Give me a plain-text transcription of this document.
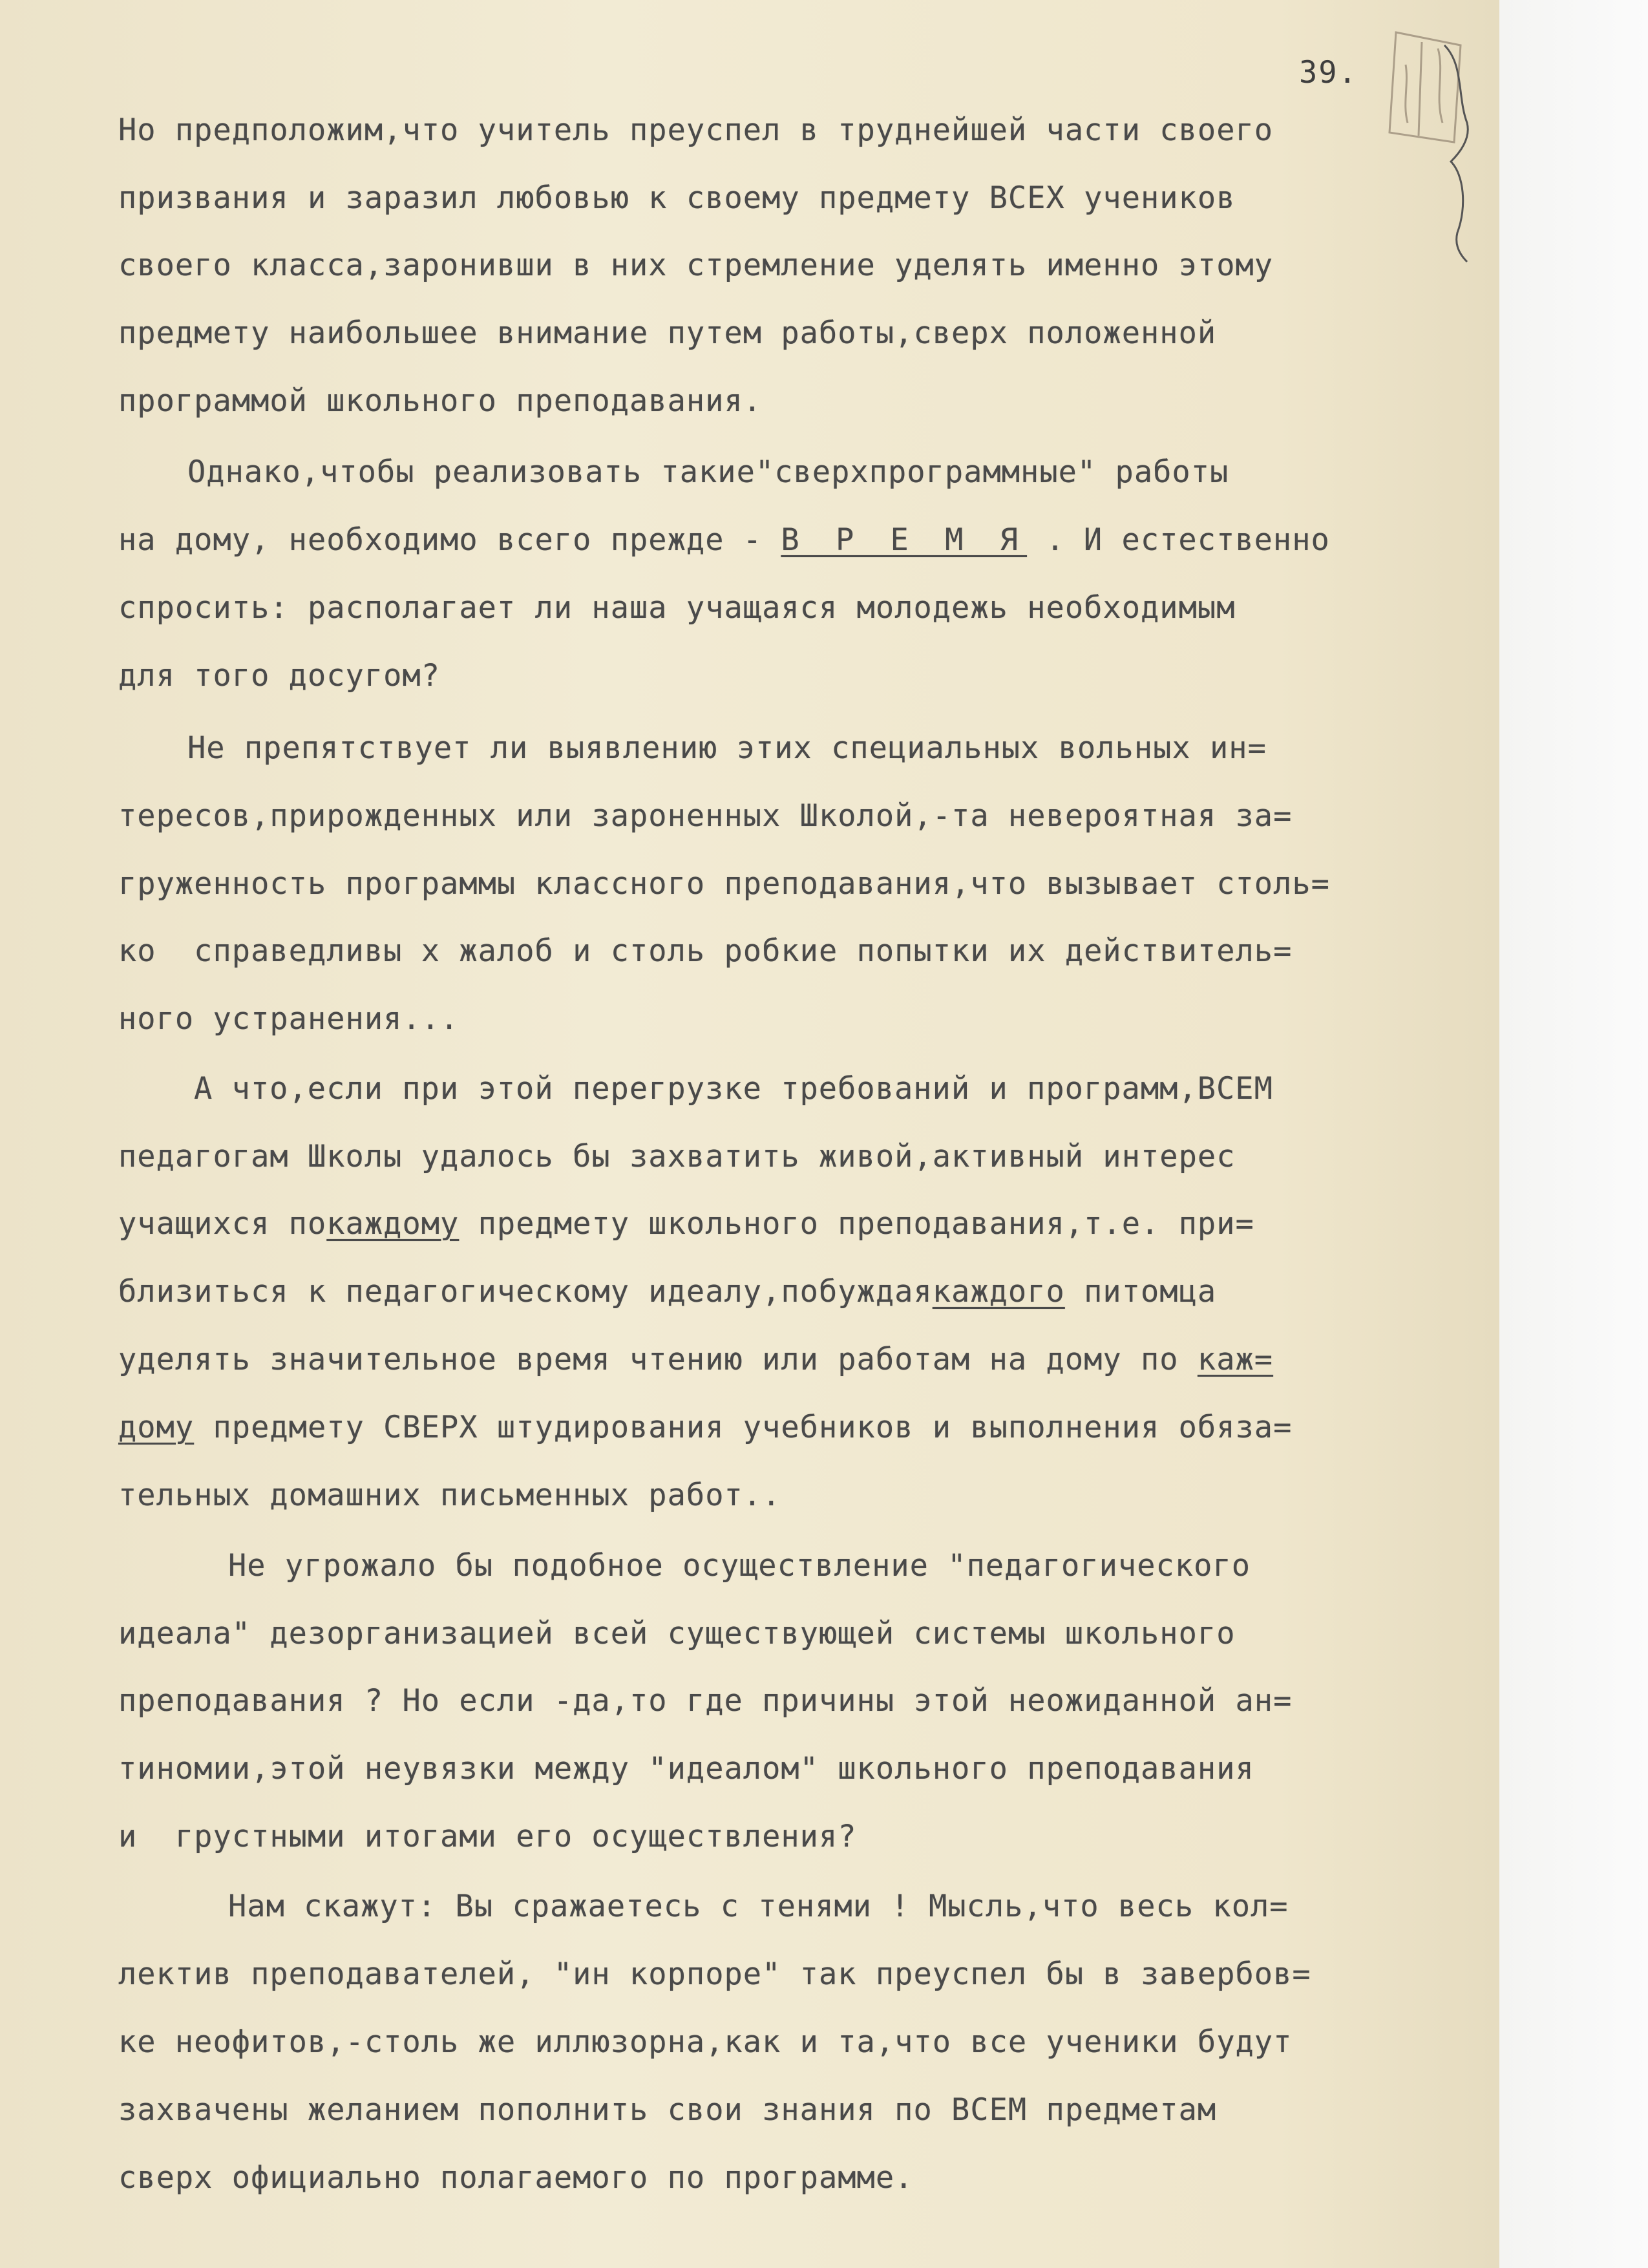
39.
Но предположим,что учитель преуспел в труднейшей части своего
призвания и заразил любовью к своему предмету ВСЕХ учеников
своего класса,заронивши в них стремление уделять именно этому
предмету наибольшее внимание путем работы,сверх положенной
программой школьного преподавания.
Однако,чтобы реализовать такие"сверхпрограммные" работы
на дому, необходимо всего прежде - В Р Е М Я . И естественно
спросить: располагает ли наша учащаяся молодежь необходимым
для того досугом?
Не препятствует ли выявлению этих специальных вольных ин=
тересов,прирожденных или зароненных Школой,-та невероятная за=
груженность программы классного преподавания,что вызывает столь=
ко  справедливы х жалоб и столь робкие попытки их действитель=
ного устранения...
А что,если при этой перегрузке требований и программ,ВСЕМ
педагогам Школы удалось бы захватить живой,активный интерес
учащихся покаждому предмету школьного преподавания,т.е. при=
близиться к педагогическому идеалу,побуждаякаждого питомца
уделять значительное время чтению или работам на дому по каж=
дому предмету СВЕРХ штудирования учебников и выполнения обяза=
тельных домашних письменных работ..
Не угрожало бы подобное осуществление "педагогического
идеала" дезорганизацией всей существующей системы школьного
преподавания ? Но если -да,то где причины этой неожиданной ан=
тиномии,этой неувязки между "идеалом" школьного преподавания
и  грустными итогами его осуществления?
Нам скажут: Вы сражаетесь с тенями ! Мысль,что весь кол=
лектив преподавателей, "ин корпоре" так преуспел бы в завербов=
ке неофитов,-столь же иллюзорна,как и та,что все ученики будут
захвачены желанием пополнить свои знания по ВСЕМ предметам
сверх официально полагаемого по программе.
